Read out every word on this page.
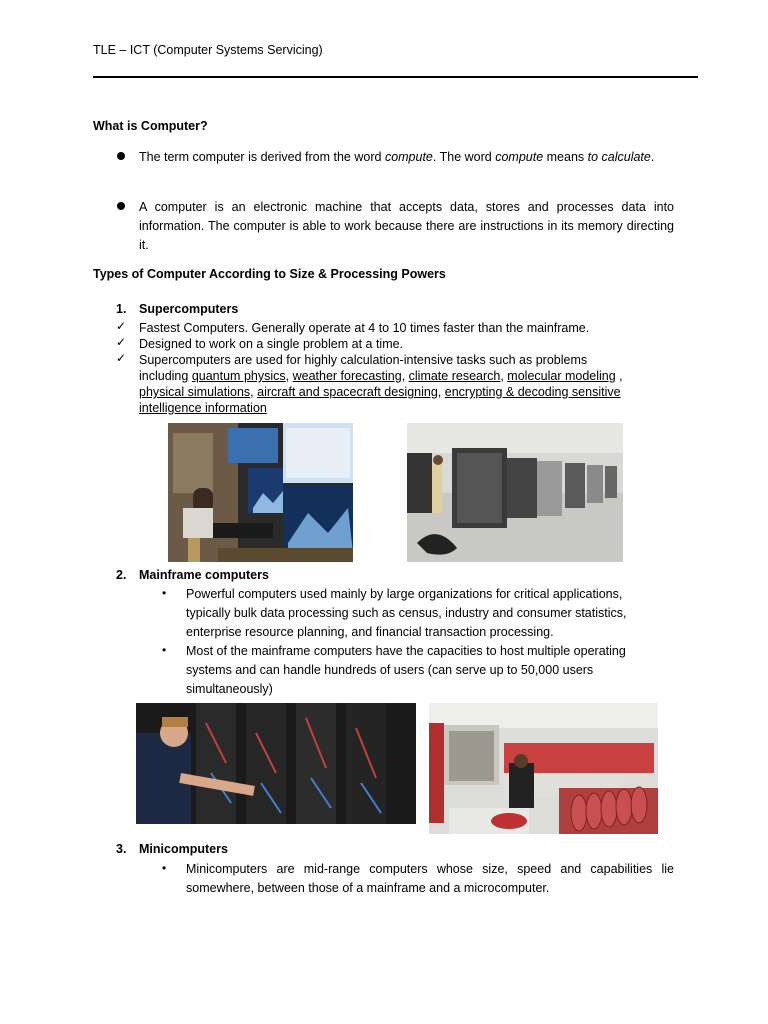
TLE – ICT (Computer Systems Servicing)
What is Computer?
The term computer is derived from the word compute. The word compute means to calculate.
A computer is an electronic machine that accepts data, stores and processes data into information. The computer is able to work because there are instructions in its memory directing it.
Types of Computer According to Size & Processing Powers
1. Supercomputers
✓ Fastest Computers. Generally operate at 4 to 10 times faster than the mainframe.
✓ Designed to work on a single problem at a time.
✓ Supercomputers are used for highly calculation-intensive tasks such as problems
including quantum physics, weather forecasting, climate research, molecular modeling ,
physical simulations, aircraft and spacecraft designing, encrypting & decoding sensitive
intelligence information
2. Mainframe computers
• Powerful computers used mainly by large organizations for critical applications, typically bulk data processing such as census, industry and consumer statistics, enterprise resource planning, and financial transaction processing.
• Most of the mainframe computers have the capacities to host multiple operating systems and can handle hundreds of users (can serve up to 50,000 users simultaneously)
3. Minicomputers
• Minicomputers are mid-range computers whose size, speed and capabilities lie somewhere, between those of a mainframe and a microcomputer.
